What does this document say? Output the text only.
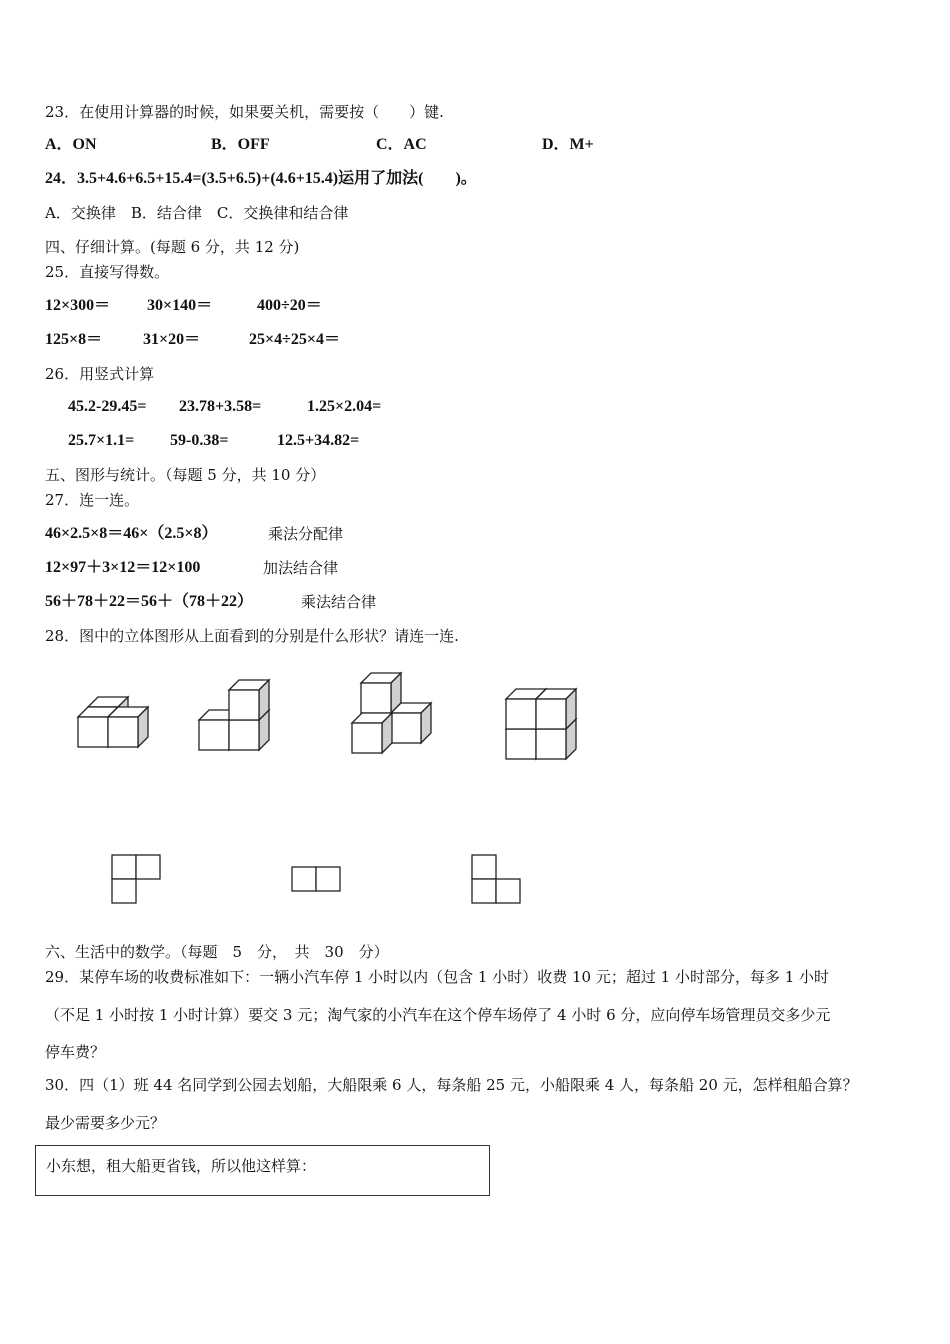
23．在使用计算器的时候，如果要关机，需要按（　　）键.
A．ON	B．OFF	C．AC	D．M+
24．3.5+4.6+6.5+15.4=(3.5+6.5)+(4.6+15.4)运用了加法(　　)。
A．交换律　B．结合律　C．交换律和结合律
四、仔细计算。(每题 6 分，共 12 分)
25．直接写得数。
12×300＝ 30×140＝	400÷20＝
125×8＝	31×20＝	25×4÷25×4＝
26．用竖式计算
45.2-29.45= 23.78+3.58=	1.25×2.04=
25.7×1.1= 59-0.38=	12.5+34.82=
五、图形与统计。（每题 5 分，共 10 分）
27．连一连。
46×2.5×8＝46×（2.5×8）	乘法分配律
12×97＋3×12＝12×100	加法结合律
56＋78＋22＝56＋（78＋22）	乘法结合律
28．图中的立体图形从上面看到的分别是什么形状？请连一连.
六、生活中的数学。（每题　5　分，　共　30　分）
29．某停车场的收费标准如下：一辆小汽车停 1 小时以内（包含 1 小时）收费 10 元；超过 1 小时部分，每多 1 小时
（不足 1 小时按 1 小时计算）要交 3 元；淘气家的小汽车在这个停车场停了 4 小时 6 分，应向停车场管理员交多少元
停车费？
30．四（1）班 44 名同学到公园去划船，大船限乘 6 人，每条船 25 元，小船限乘 4 人，每条船 20 元，怎样租船合算？
最少需要多少元？
小东想，租大船更省钱，所以他这样算：
